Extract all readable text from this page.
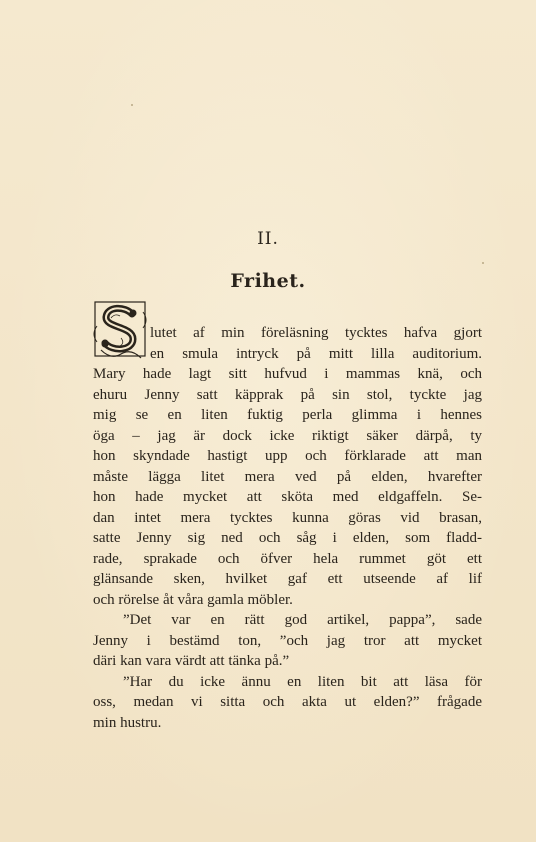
II.
Frihet.
lutet af min föreläsning tycktes hafva gjort
en smula intryck på mitt lilla auditorium.
Mary hade lagt sitt hufvud i mammas knä, och
ehuru Jenny satt käpprak på sin stol, tyckte jag
mig se en liten fuktig perla glimma i hennes
öga – jag är dock icke riktigt säker därpå, ty
hon skyndade hastigt upp och förklarade att man
måste lägga litet mera ved på elden, hvarefter
hon hade mycket att sköta med eldgaffeln. Se-
dan intet mera tycktes kunna göras vid brasan,
satte Jenny sig ned och såg i elden, som fladd-
rade, sprakade och öfver hela rummet göt ett
glänsande sken, hvilket gaf ett utseende af lif
och rörelse åt våra gamla möbler.
”Det var en rätt god artikel, pappa”, sade
Jenny i bestämd ton, ”och jag tror att mycket
däri kan vara värdt att tänka på.”
”Har du icke ännu en liten bit att läsa för
oss, medan vi sitta och akta ut elden?” frågade
min hustru.
